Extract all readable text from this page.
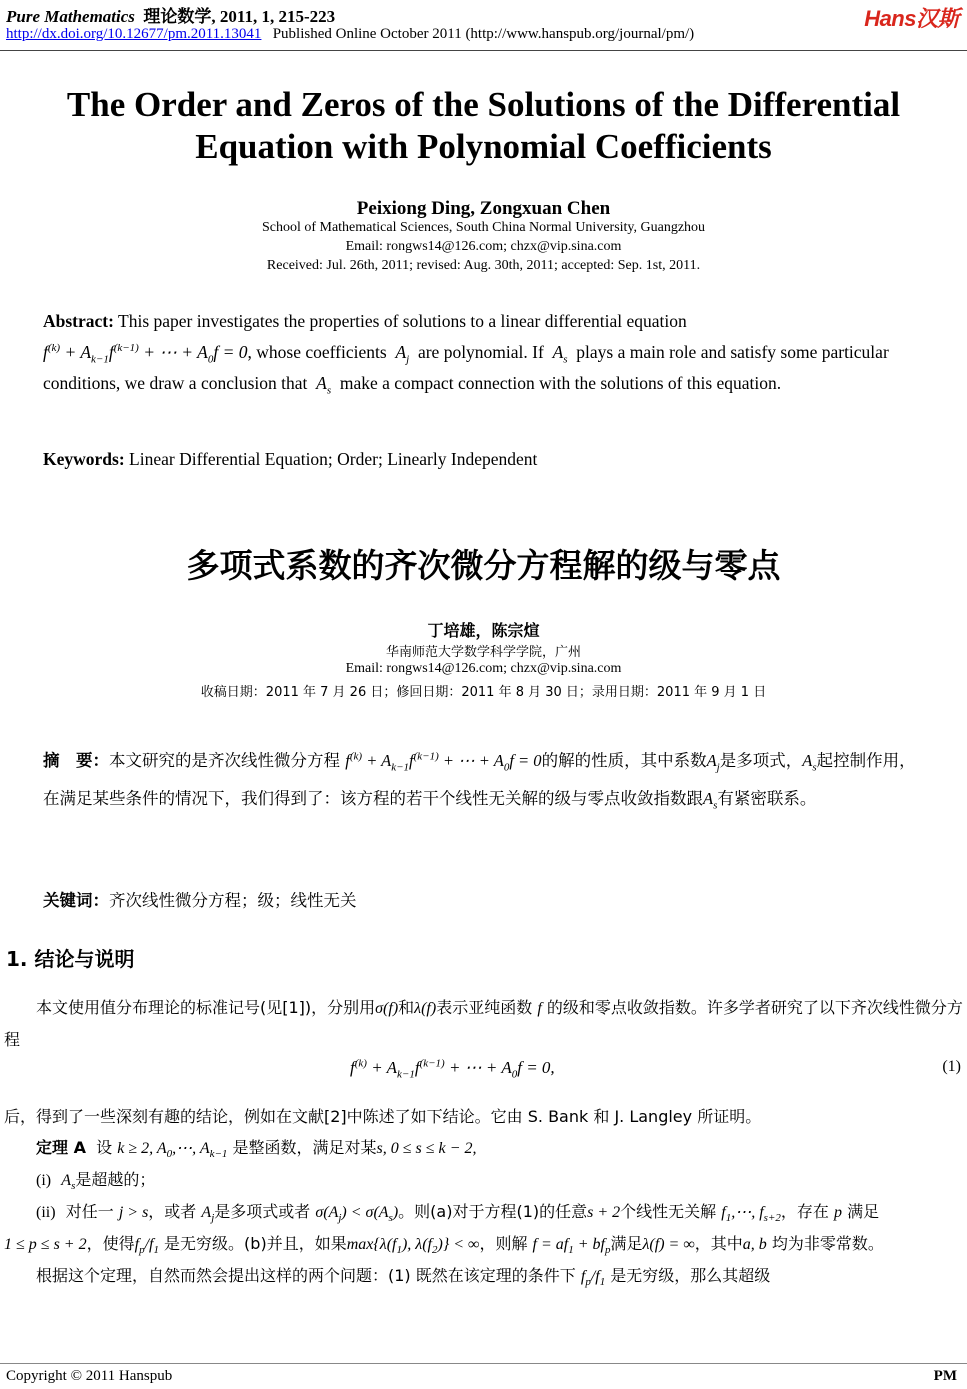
Pure Mathematics 理论数学, 2011, 1, 215-223
http://dx.doi.org/10.12677/pm.2011.13041 Published Online October 2011 (http://www.hanspub.org/journal/pm/)
Hans汉斯
The Order and Zeros of the Solutions of the Differential Equation with Polynomial Coefficients
Peixiong Ding, Zongxuan Chen
School of Mathematical Sciences, South China Normal University, Guangzhou
Email: rongws14@126.com; chzx@vip.sina.com
Received: Jul. 26th, 2011; revised: Aug. 30th, 2011; accepted: Sep. 1st, 2011.
Abstract: This paper investigates the properties of solutions to a linear differential equation
$f^{(k)} + A_{k-1}f^{(k-1)}$ + ⋯ + $A_0f = 0$, whose coefficients $A_j$ are polynomial. If $A_s$ plays a main role and satisfy some particular conditions, we draw a conclusion that $A_s$ make a compact connection with the solutions of this equation.
Keywords: Linear Differential Equation; Order; Linearly Independent
多项式系数的齐次微分方程解的级与零点
丁培雄，陈宗煊
华南师范大学数学科学学院，广州
Email: rongws14@126.com; chzx@vip.sina.com
收稿日期：2011 年 7 月 26 日；修回日期：2011 年 8 月 30 日；录用日期：2011 年 9 月 1 日
摘　要：本文研究的是齐次线性微分方程 $f^{(k)} + A_{k-1}f^{(k-1)}$ + ⋯ + $A_0f = 0$的解的性质，其中系数$A_j$是多项式，$A_s$起控制作用，在满足某些条件的情况下，我们得到了：该方程的若干个线性无关解的级与零点收敛指数跟$A_s$有紧密联系。
关键词：齐次线性微分方程；级；线性无关
1. 结论与说明
  本文使用值分布理论的标准记号(见[1])，分别用σ(f)和λ(f)表示亚纯函数 f 的级和零点收敛指数。许多学者研究了以下齐次线性微分方程
$f^{(k)} + A_{k-1}f^{(k-1)}$ + ⋯ + $A_0f = 0$,	(1)
后，得到了一些深刻有趣的结论，例如在文献[2]中陈述了如下结论。它由 S. Bank 和 J. Langley 所证明。
  定理 A 设 k ≥ 2, $A_0,\cdots$, $A_{k-1}$ 是整函数，满足对某s, 0 ≤ s ≤ k − 2,
  (i) $A_s$是超越的；
  (ii) 对任一 j > s，或者 $A_j$是多项式或者 $\sigma(A_j) < \sigma(A_s)$。则(a)对于方程(1)的任意s + 2个线性无关解 $f_1,\cdots$, $f_{s+2}$，存在 p 满足1 ≤ p ≤ s + 2，使得$f_p/f_1$ 是无穷级。(b)并且，如果$\max\{\lambda(f_1)$, $\lambda(f_2)$} < ∞，则解 $f = af_1 + bf_p$满足λ(f) = ∞，其中a, b 均为非零常数。
  根据这个定理，自然而然会提出这样的两个问题：(1) 既然在该定理的条件下 $f_p/f_1$ 是无穷级，那么其超级
Copyright © 2011 Hanspub	PM
